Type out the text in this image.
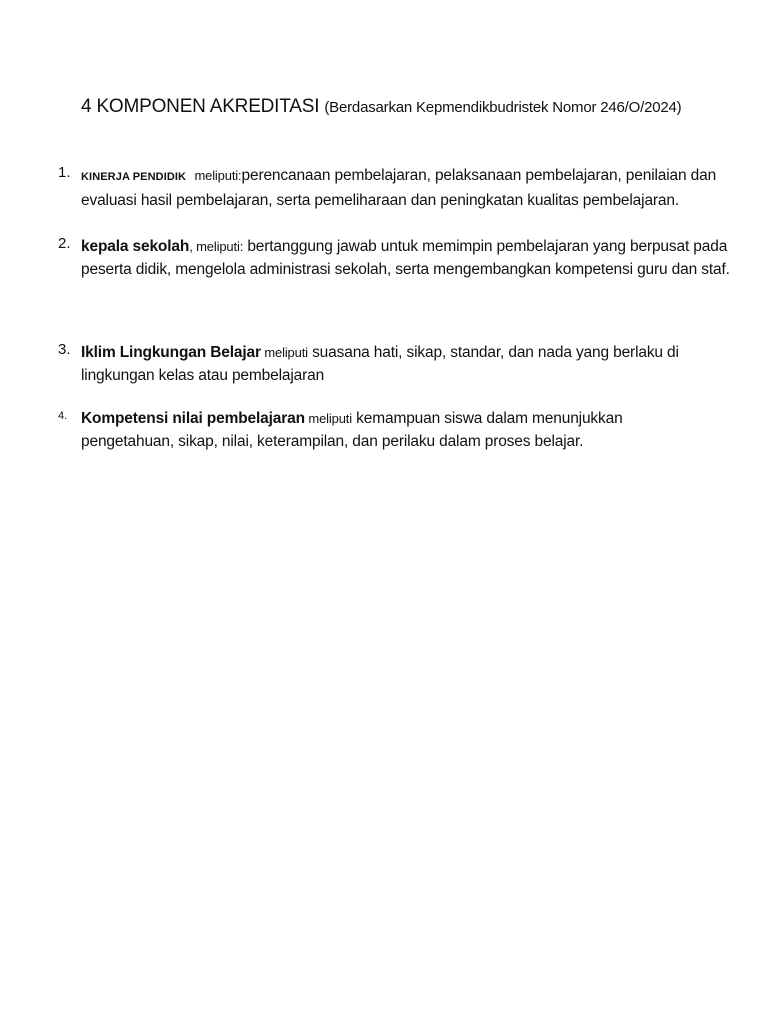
4 KOMPONEN AKREDITASI (Berdasarkan Kepmendikbudristek Nomor 246/O/2024)
1. KINERJA PENDIDIK meliputi:perencanaan pembelajaran, pelaksanaan pembelajaran, penilaian dan evaluasi hasil pembelajaran, serta pemeliharaan dan peningkatan kualitas pembelajaran.
2. kepala sekolah, meliputi: bertanggung jawab untuk memimpin pembelajaran yang berpusat pada peserta didik, mengelola administrasi sekolah, serta mengembangkan kompetensi guru dan staf.
3. Iklim Lingkungan Belajar meliputi suasana hati, sikap, standar, dan nada yang berlaku di lingkungan kelas atau pembelajaran
4. Kompetensi nilai pembelajaran meliputi kemampuan siswa dalam menunjukkan pengetahuan, sikap, nilai, keterampilan, dan perilaku dalam proses belajar.
